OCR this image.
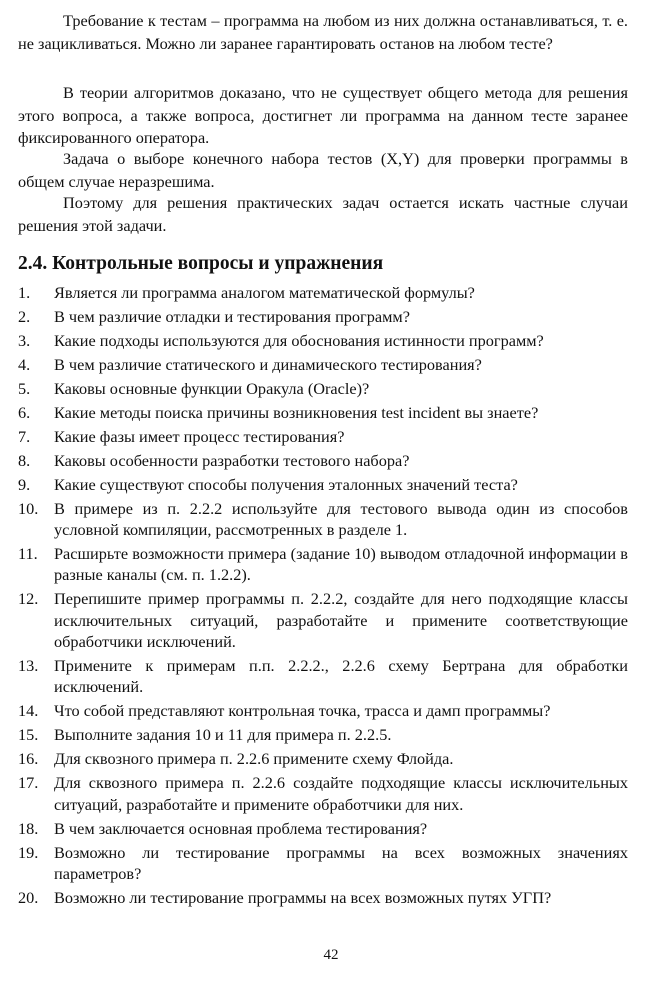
Требование к тестам – программа на любом из них должна останавливаться, т. е. не зацикливаться. Можно ли заранее гарантировать останов на любом тесте?

В теории алгоритмов доказано, что не существует общего метода для решения этого вопроса, а также вопроса, достигнет ли программа на данном тесте заранее фиксированного оператора.

Задача о выборе конечного набора тестов (X,Y) для проверки программы в общем случае неразрешима.

Поэтому для решения практических задач остается искать частные случаи решения этой задачи.

2.4. Контрольные вопросы и упражнения
1.	Является ли программа аналогом математической формулы?
2.	В чем различие отладки и тестирования программ?
3.	Какие подходы используются для обоснования истинности программ?
4.	В чем различие статического и динамического тестирования?
5.	Каковы основные функции Оракула (Oracle)?
6.	Какие методы поиска причины возникновения test incident вы знаете?
7.	Какие фазы имеет процесс тестирования?
8.	Каковы особенности разработки тестового набора?
9.	Какие существуют способы получения эталонных значений теста?
10. В примере из п. 2.2.2 используйте для тестового вывода один из способов условной компиляции, рассмотренных в разделе 1.
11. Расширьте возможности примера (задание 10) выводом отладочной информации в разные каналы (см. п. 1.2.2).
12. Перепишите пример программы п. 2.2.2, создайте для него подходящие классы исключительных ситуаций, разработайте и примените соответствующие обработчики исключений.
13. Примените к примерам п.п. 2.2.2., 2.2.6 схему Бертрана для обработки исключений.
14. Что собой представляют контрольная точка, трасса и дамп программы?
15. Выполните задания 10 и 11 для примера п. 2.2.5.
16. Для сквозного примера п. 2.2.6 примените схему Флойда.
17. Для сквозного примера п. 2.2.6 создайте подходящие классы исключительных ситуаций, разработайте и примените обработчики для них.
18. В чем заключается основная проблема тестирования?
19. Возможно ли тестирование программы на всех возможных значениях параметров?
20. Возможно ли тестирование программы на всех возможных путях УГП?
42
